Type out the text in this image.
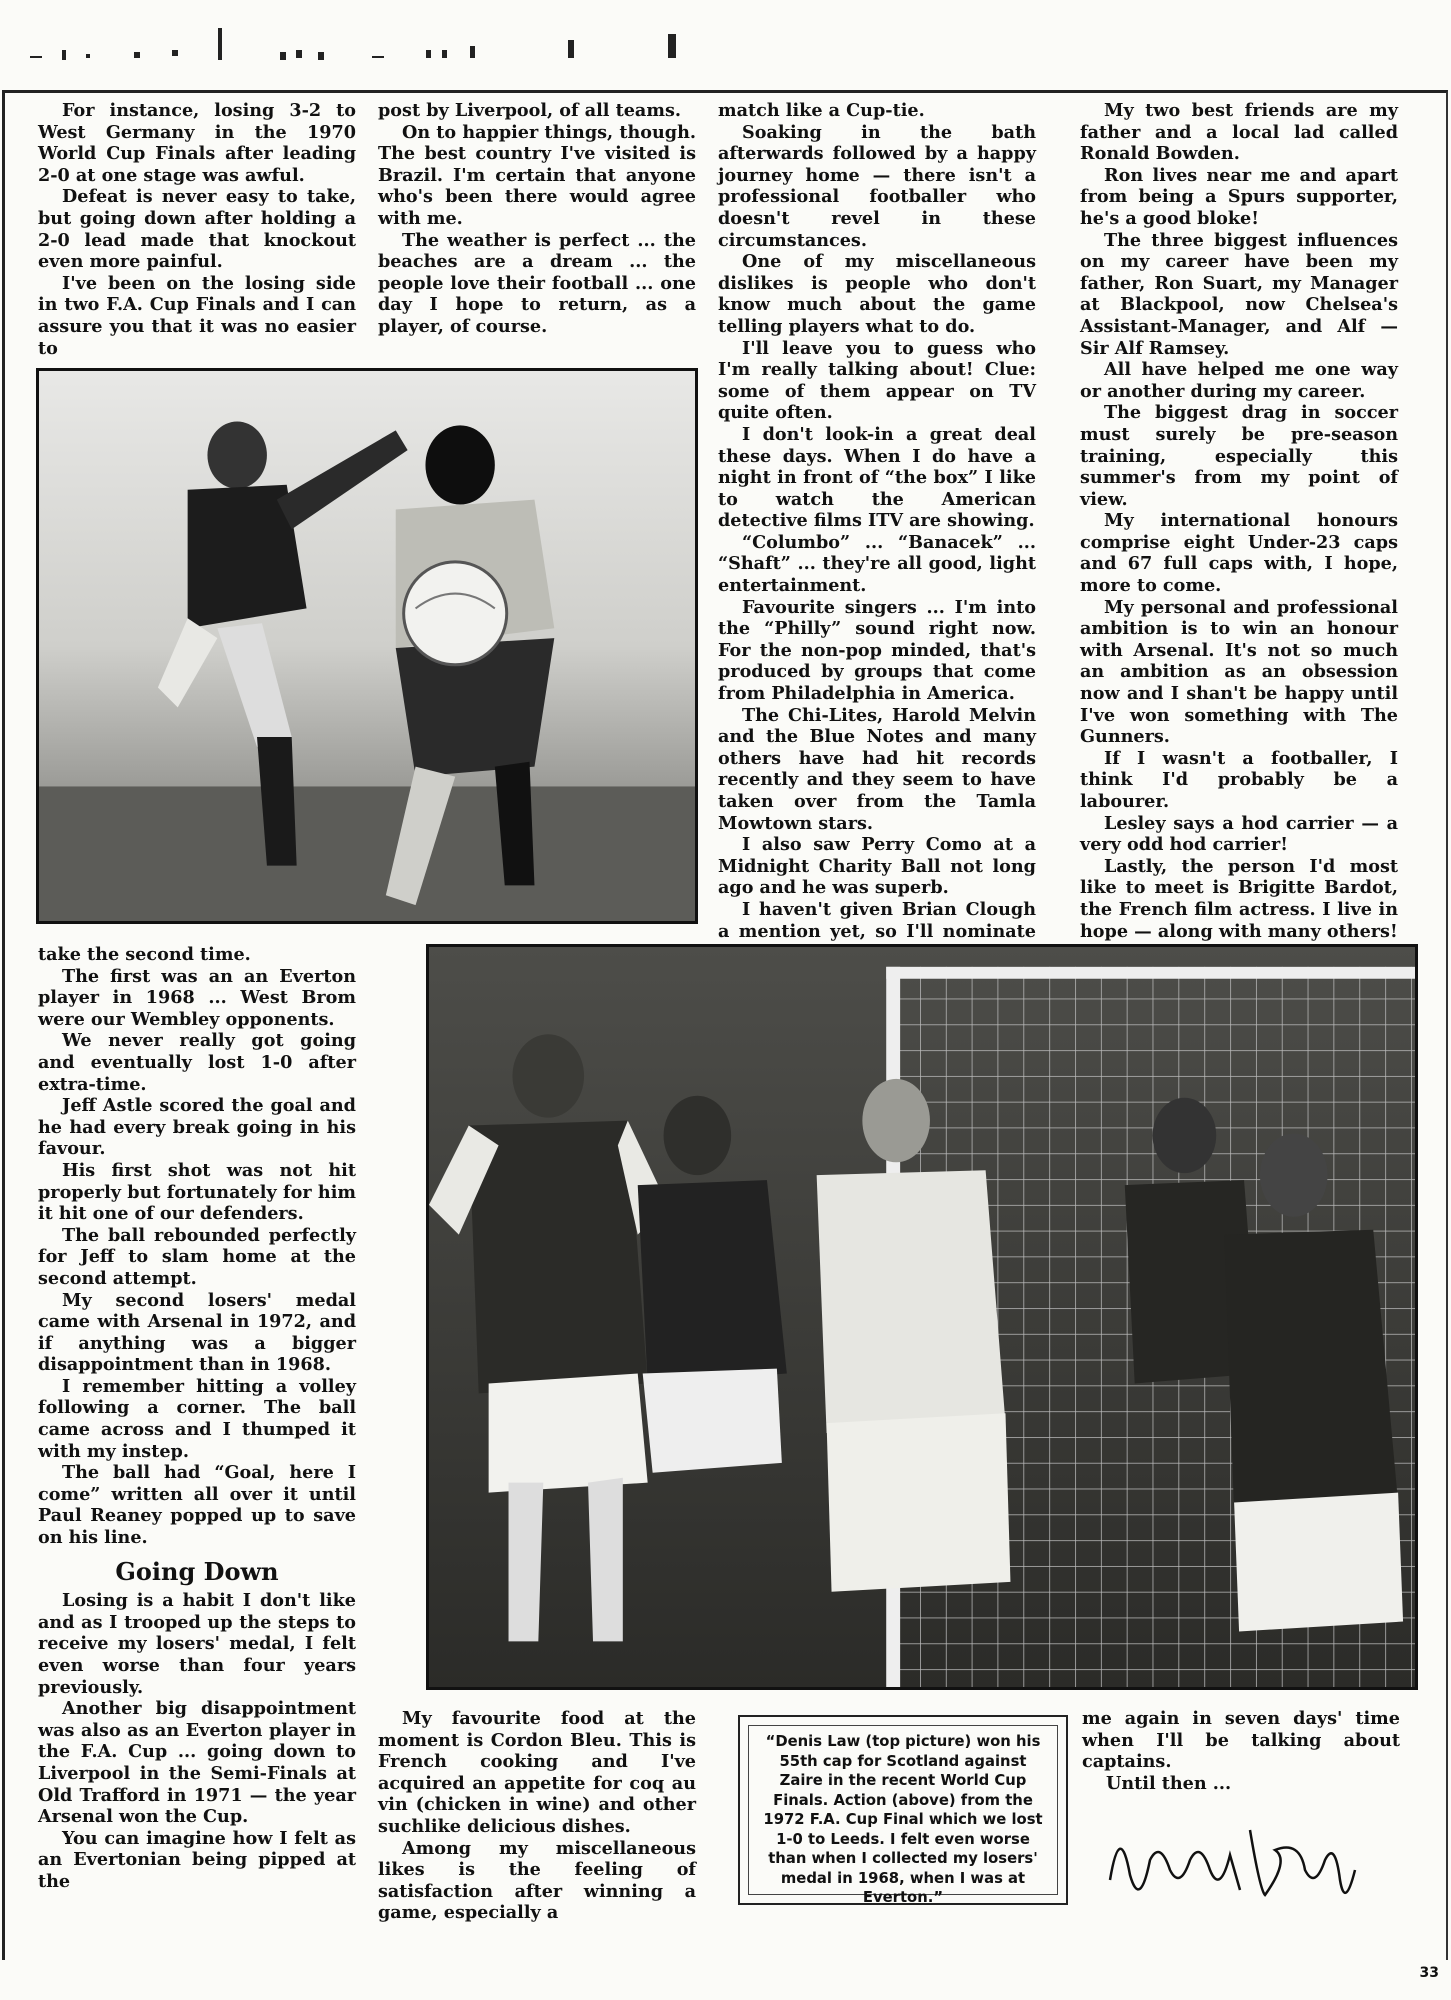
For instance, losing 3-2 to West Germany in the 1970 World Cup Finals after leading 2-0 at one stage was awful.

Defeat is never easy to take, but going down after holding a 2-0 lead made that knockout even more painful.

I've been on the losing side in two F.A. Cup Finals and I can assure you that it was no easier to

post by Liverpool, of all teams.

On to happier things, though. The best country I've visited is Brazil. I'm certain that anyone who's been there would agree with me.

The weather is perfect ... the beaches are a dream ... the people love their football ... one day I hope to return, as a player, of course.

match like a Cup-tie.

Soaking in the bath afterwards followed by a happy journey home — there isn't a professional footballer who doesn't revel in these circumstances.

One of my miscellaneous dislikes is people who don't know much about the game telling players what to do.

I'll leave you to guess who I'm really talking about! Clue: some of them appear on TV quite often.

I don't look-in a great deal these days. When I do have a night in front of “the box” I like to watch the American detective films ITV are showing.

“Columbo” ... “Banacek” ... “Shaft” ... they're all good, light entertainment.

Favourite singers ... I'm into the “Philly” sound right now. For the non-pop minded, that's produced by groups that come from Philadelphia in America.

The Chi-Lites, Harold Melvin and the Blue Notes and many others have had hit records recently and they seem to have taken over from the Tamla Mowtown stars.

I also saw Perry Como at a Midnight Charity Ball not long ago and he was superb.

I haven't given Brian Clough a mention yet, so I'll nominate

My two best friends are my father and a local lad called Ronald Bowden.

Ron lives near me and apart from being a Spurs supporter, he's a good bloke!

The three biggest influences on my career have been my father, Ron Suart, my Manager at Blackpool, now Chelsea's Assistant-Manager, and Alf — Sir Alf Ramsey.

All have helped me one way or another during my career.

The biggest drag in soccer must surely be pre-season training, especially this summer's from my point of view.

My international honours comprise eight Under-23 caps and 67 full caps with, I hope, more to come.

My personal and professional ambition is to win an honour with Arsenal. It's not so much an ambition as an obsession now and I shan't be happy until I've won something with The Gunners.

If I wasn't a footballer, I think I'd probably be a labourer.

Lesley says a hod carrier — a very odd hod carrier!

Lastly, the person I'd most like to meet is Brigitte Bardot, the French film actress. I live in hope — along with many others!

take the second time.

The first was an an Everton player in 1968 ... West Brom were our Wembley opponents.

We never really got going and eventually lost 1-0 after extra-time.

Jeff Astle scored the goal and he had every break going in his favour.

His first shot was not hit properly but fortunately for him it hit one of our defenders.

The ball rebounded perfectly for Jeff to slam home at the second attempt.

My second losers' medal came with Arsenal in 1972, and if anything was a bigger disappointment than in 1968.

I remember hitting a volley following a corner. The ball came across and I thumped it with my instep.

The ball had “Goal, here I come” written all over it until Paul Reaney popped up to save on his line.

Going Down

Losing is a habit I don't like and as I trooped up the steps to receive my losers' medal, I felt even worse than four years previously.

Another big disappointment was also as an Everton player in the F.A. Cup ... going down to Liverpool in the Semi-Finals at Old Trafford in 1971 — the year Arsenal won the Cup.

You can imagine how I felt as an Evertonian being pipped at the

My favourite food at the moment is Cordon Bleu. This is French cooking and I've acquired an appetite for coq au vin (chicken in wine) and other suchlike delicious dishes.

Among my miscellaneous likes is the feeling of satisfaction after winning a game, especially a

“Denis Law (top picture) won his 55th cap for Scotland against Zaire in the recent World Cup Finals. Action (above) from the 1972 F.A. Cup Final which we lost 1-0 to Leeds. I felt even worse than when I collected my losers' medal in 1968, when I was at Everton.”

me again in seven days' time when I'll be talking about captains.

Until then ...

33
